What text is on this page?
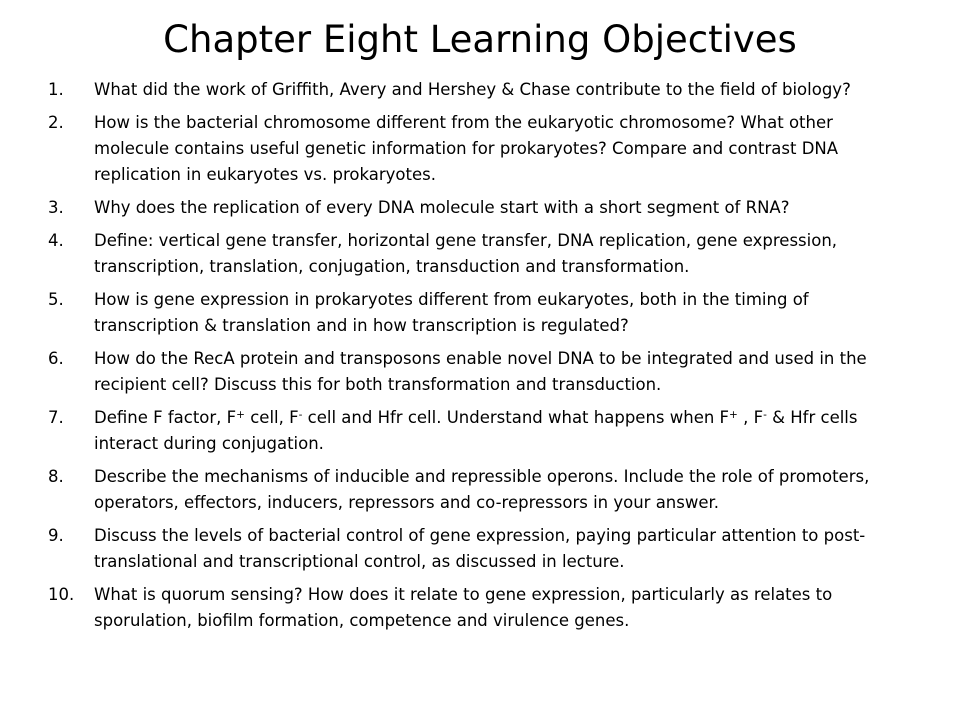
Chapter Eight Learning Objectives
1.	What did the work of Griffith, Avery and Hershey & Chase contribute to the field of biology?
2.	How is the bacterial chromosome different from the eukaryotic chromosome? What other molecule contains useful genetic information for prokaryotes? Compare and contrast DNA replication in eukaryotes vs. prokaryotes.
3.	Why does the replication of every DNA molecule start with a short segment of RNA?
4.	Define: vertical gene transfer, horizontal gene transfer, DNA replication, gene expression, transcription, translation, conjugation, transduction and transformation.
5.	How is gene expression in prokaryotes different from eukaryotes, both in the timing of transcription & translation and in how transcription is regulated?
6.	How do the RecA protein and transposons enable novel DNA to be integrated and used in the recipient cell? Discuss this for both transformation and transduction.
7.	Define F factor, F+ cell, F- cell and Hfr cell. Understand what happens when F+ , F- & Hfr cells interact during conjugation.
8.	Describe the mechanisms of inducible and repressible operons. Include the role of promoters, operators, effectors, inducers, repressors and co-repressors in your answer.
9.	Discuss the levels of bacterial control of gene expression, paying particular attention to post-translational and transcriptional control, as discussed in lecture.
10.	What is quorum sensing? How does it relate to gene expression, particularly as relates to sporulation, biofilm formation, competence and virulence genes.
